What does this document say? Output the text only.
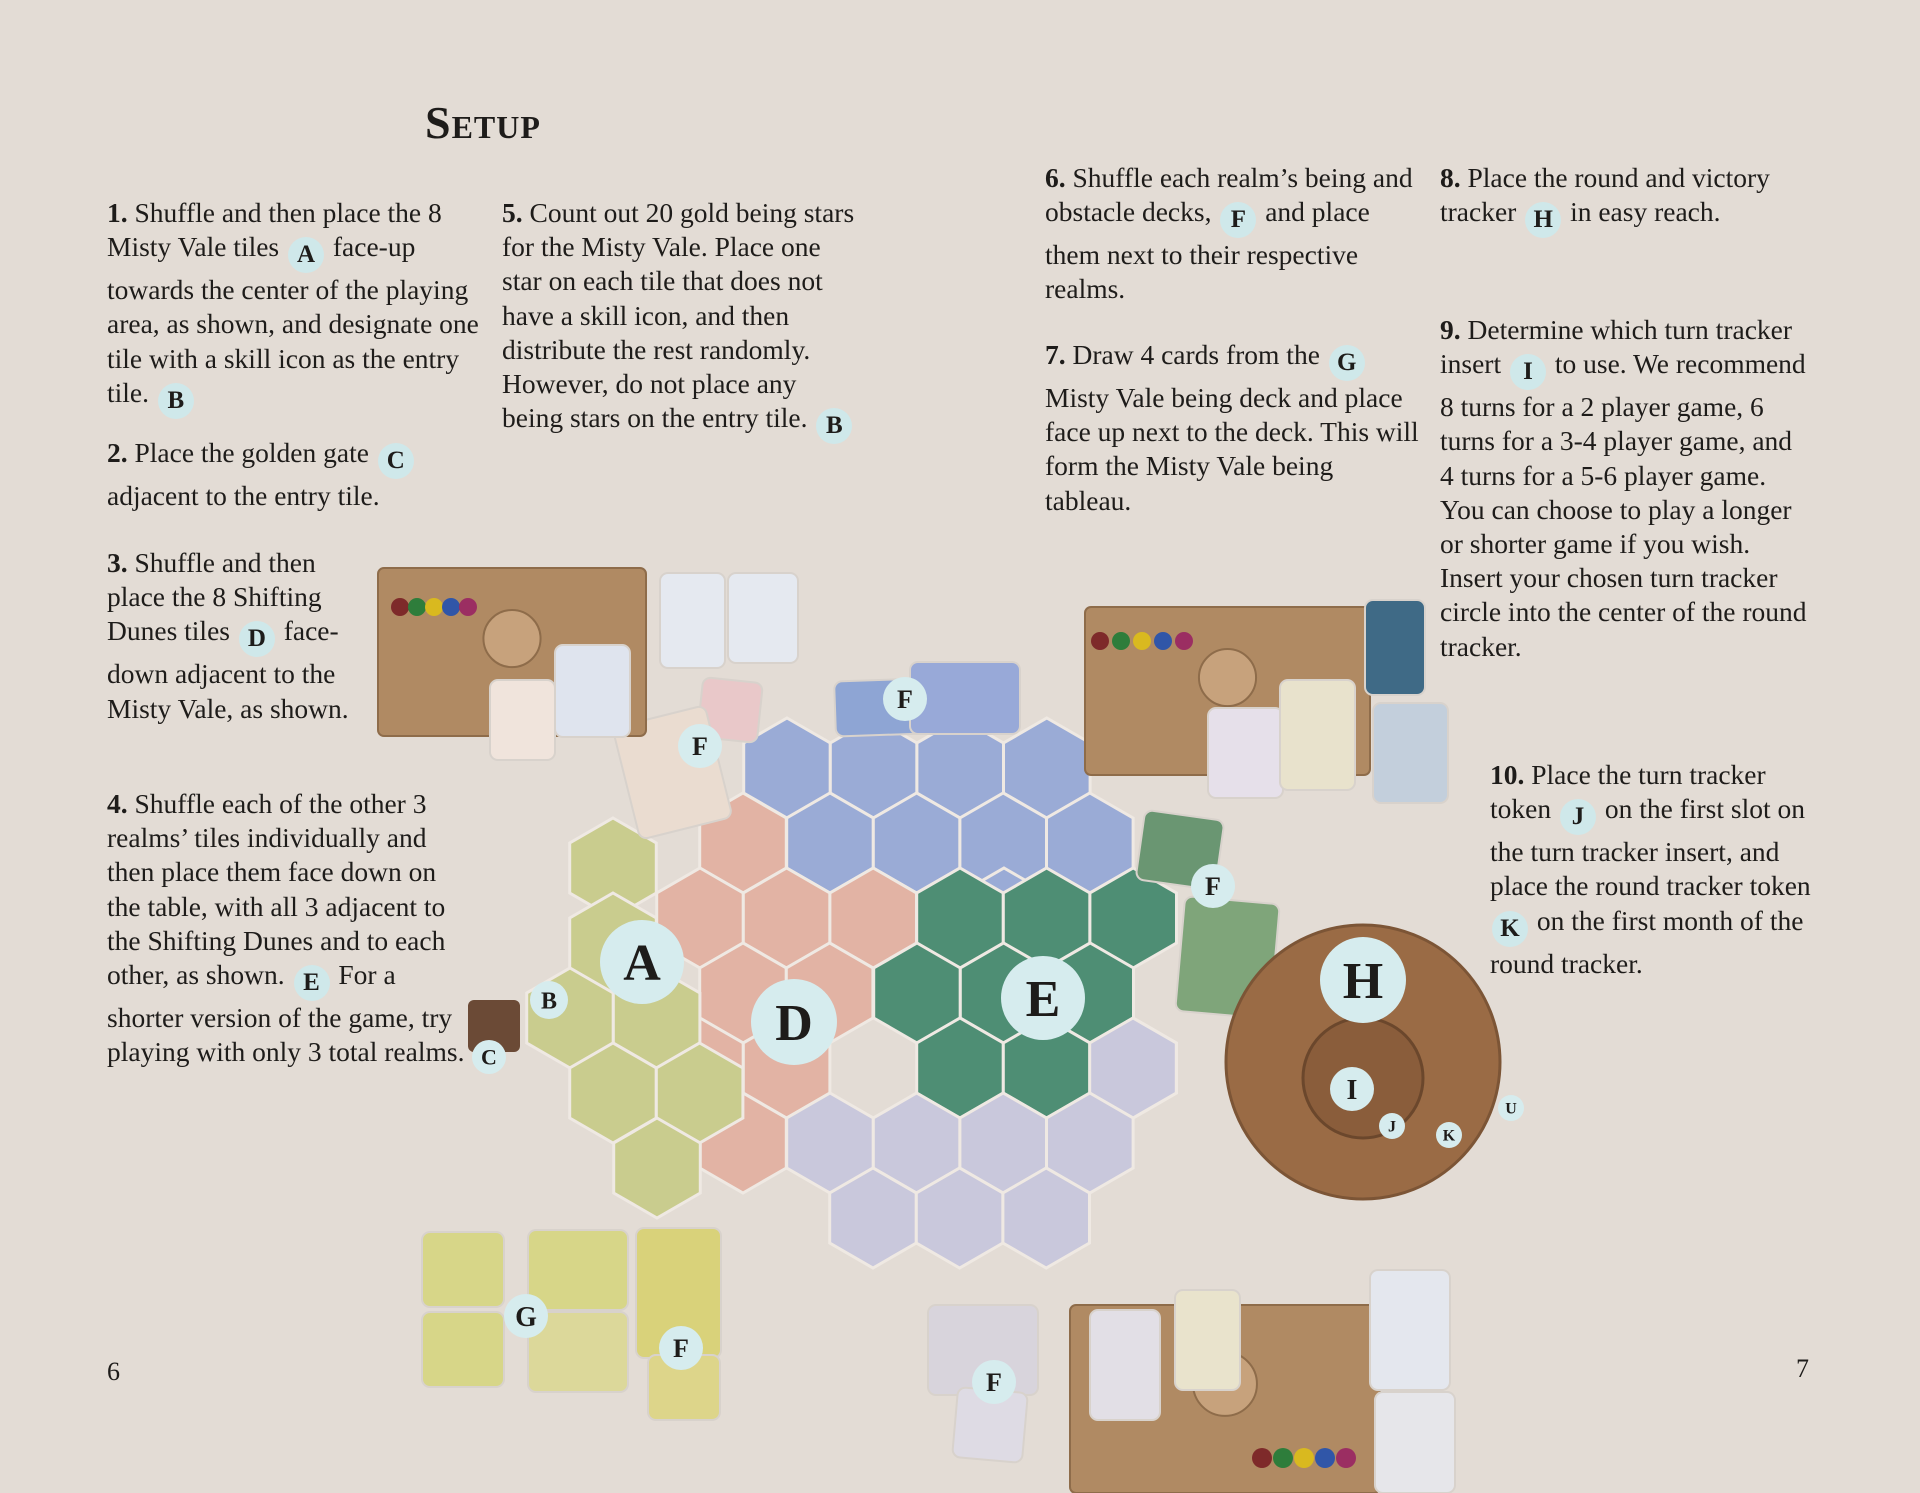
Setup
A
B
C
D	E
F
F
F
F
F
G
H
I
J
K
U

1. Shuffle and then place the 8 Misty Vale tiles A face-up towards the center of the playing area, as shown, and designate one tile with a skill icon as the entry tile. B

2. Place the golden gate C adjacent to the entry tile.

3. Shuffle and then place the 8 Shifting Dunes tiles D face-down adjacent to the Misty Vale, as shown.

4. Shuffle each of the other 3 realms’ tiles individually and then place them face down on the table, with all 3 adjacent to the Shifting Dunes and to each other, as shown. E For a shorter version of the game, try playing with only 3 total realms.

5. Count out 20 gold being stars for the Misty Vale. Place one star on each tile that does not have a skill icon, and then distribute the rest randomly. However, do not place any being stars on the entry tile. B

6. Shuffle each realm’s being and obstacle decks, F and place them next to their respective realms.

7. Draw 4 cards from the G Misty Vale being deck and place face up next to the deck. This will form the Misty Vale being tableau.

8. Place the round and victory tracker H in easy reach.

9. Determine which turn tracker insert I to use. We recommend 8 turns for a 2 player game, 6 turns for a 3-4 player game, and 4 turns for a 5-6 player game. You can choose to play a longer or shorter game if you wish. Insert your chosen turn tracker circle into the center of the round tracker.

10. Place the turn tracker token J on the first slot on the turn tracker insert, and place the round tracker token K on the first month of the round tracker.

6	7
